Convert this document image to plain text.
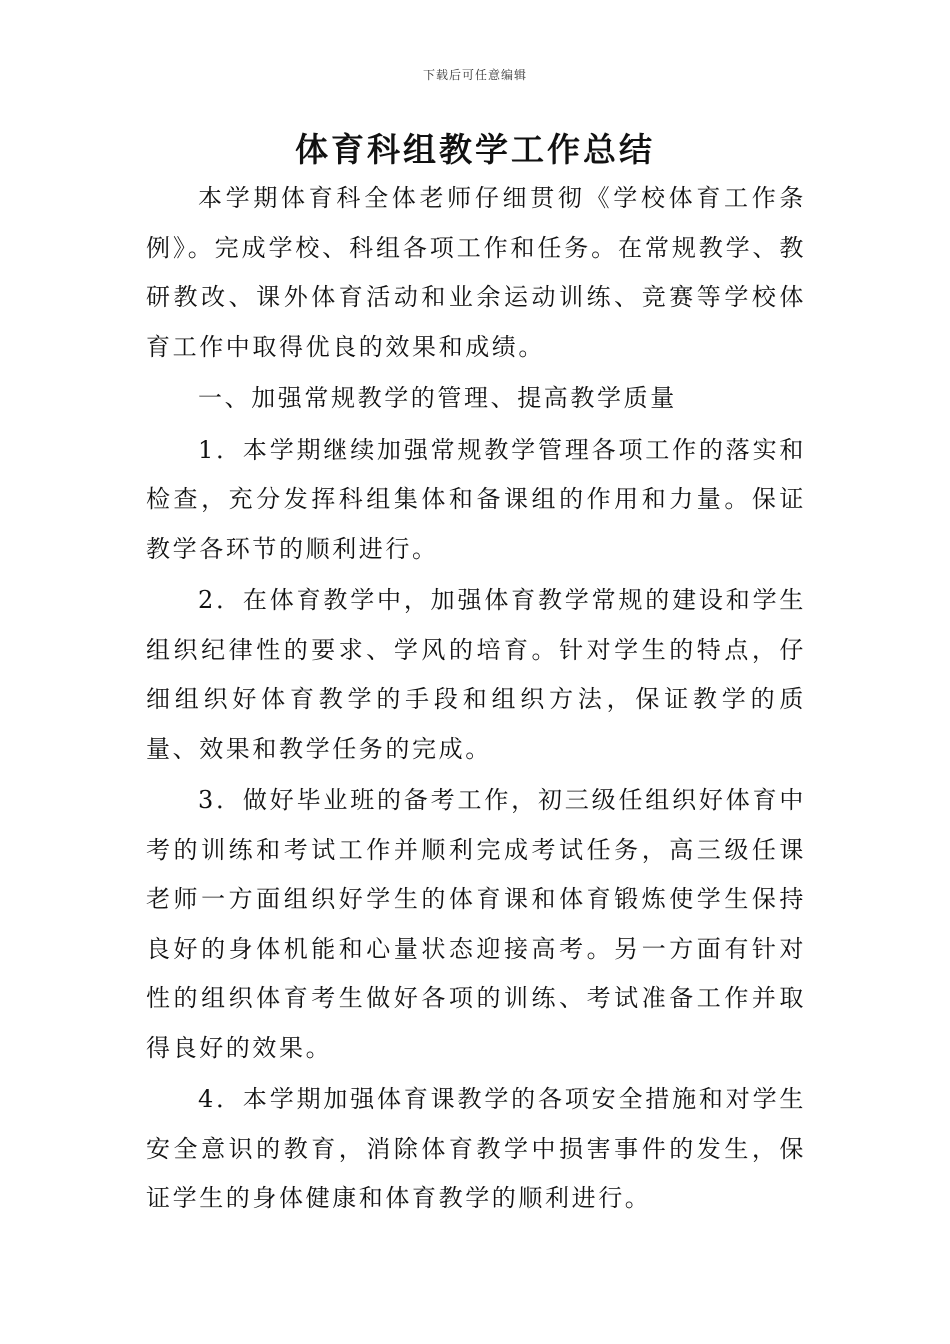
下载后可任意编辑
体育科组教学工作总结

本学期体育科全体老师仔细贯彻《学校体育工作条例》。完成学校、科组各项工作和任务。在常规教学、教研教改、课外体育活动和业余运动训练、竞赛等学校体育工作中取得优良的效果和成绩。

一、加强常规教学的管理、提高教学质量

1．本学期继续加强常规教学管理各项工作的落实和检查，充分发挥科组集体和备课组的作用和力量。保证教学各环节的顺利进行。

2．在体育教学中，加强体育教学常规的建设和学生组织纪律性的要求、学风的培育。针对学生的特点，仔细组织好体育教学的手段和组织方法，保证教学的质量、效果和教学任务的完成。

3．做好毕业班的备考工作，初三级任组织好体育中考的训练和考试工作并顺利完成考试任务，高三级任课老师一方面组织好学生的体育课和体育锻炼使学生保持良好的身体机能和心量状态迎接高考。另一方面有针对性的组织体育考生做好各项的训练、考试准备工作并取得良好的效果。

4．本学期加强体育课教学的各项安全措施和对学生安全意识的教育，消除体育教学中损害事件的发生，保证学生的身体健康和体育教学的顺利进行。
